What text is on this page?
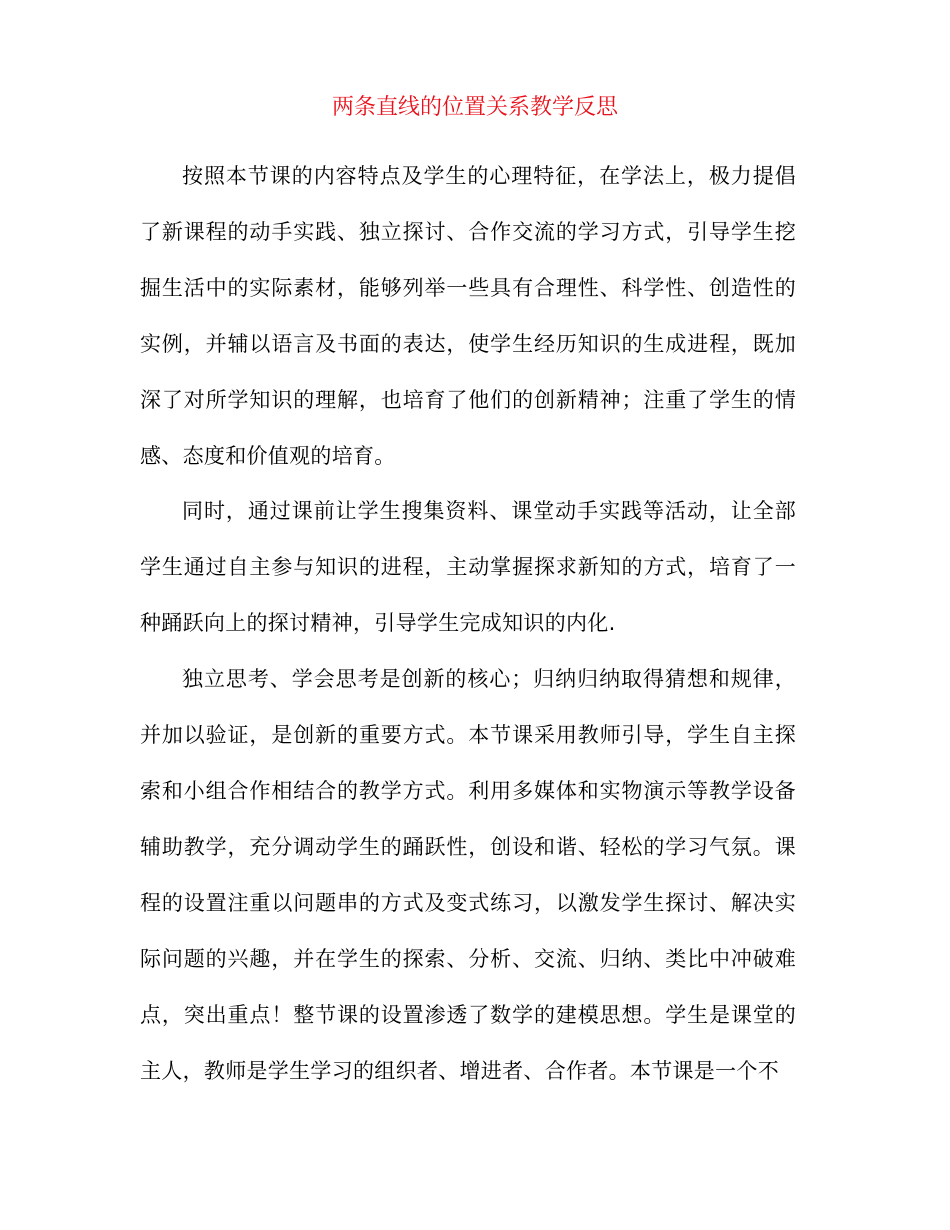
两条直线的位置关系教学反思

按照本节课的内容特点及学生的心理特征，在学法上，极力提倡了新课程的动手实践、独立探讨、合作交流的学习方式，引导学生挖掘生活中的实际素材，能够列举一些具有合理性、科学性、创造性的实例，并辅以语言及书面的表达，使学生经历知识的生成进程，既加深了对所学知识的理解，也培育了他们的创新精神；注重了学生的情感、态度和价值观的培育。

同时，通过课前让学生搜集资料、课堂动手实践等活动，让全部学生通过自主参与知识的进程，主动掌握探求新知的方式，培育了一种踊跃向上的探讨精神，引导学生完成知识的内化.

独立思考、学会思考是创新的核心；归纳归纳取得猜想和规律，并加以验证，是创新的重要方式。本节课采用教师引导，学生自主探索和小组合作相结合的教学方式。利用多媒体和实物演示等教学设备辅助教学，充分调动学生的踊跃性，创设和谐、轻松的学习气氛。课程的设置注重以问题串的方式及变式练习，以激发学生探讨、解决实际问题的兴趣，并在学生的探索、分析、交流、归纳、类比中冲破难点，突出重点！整节课的设置渗透了数学的建模思想。学生是课堂的主人，教师是学生学习的组织者、增进者、合作者。本节课是一个不
